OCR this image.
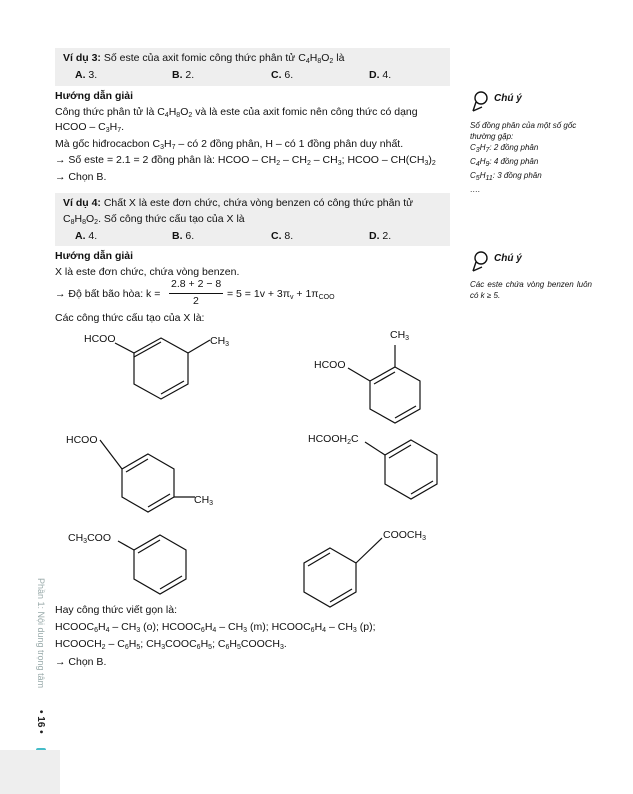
Ví dụ 3: Số este của axit fomic công thức phân tử $C_4H_8O_2$ là
A. 3.	B. 2.	C. 6.	D. 4.
Hướng dẫn giải
Công thức phân tử là $C_4H_8O_2$ và là este của axit fomic nên công thức có dạng
HCOO – $C_3H_7$.
Mà gốc hiđrocacbon $C_3H_7$ – có 2 đồng phân, H – có 1 đồng phân duy nhất.
→ Số este = 2.1 = 2 đồng phân là: HCOO – $CH_2 - CH_2 - CH_3$; HCOO – $CH(CH_3)_2$
→ Chọn B.
Ví dụ 4: Chất X là este đơn chức, chứa vòng benzen có công thức phân tử
$C_8H_8O_2$. Số công thức cấu tạo của X là
A. 4.	B. 6.	C. 8.	D. 2.
Hướng dẫn giải
X là este đơn chức, chứa vòng benzen.
→ Độ bất bão hòa: k =
2.8 + 2 − 8
2
= $5 = 1v + 3\pi_v + 1\pi_{COO}$
Các công thức cấu tạo của X là:
HCOO	CH3
HCOO
CH3
HCOO
CH3
HCOOH2C
CH3COO	COOCH3
Hay công thức viết gọn là:
$HCOOC_6H_4 - CH_3$ (o); $HCOOC_6H_4 - CH_3$ (m); $HCOOC_6H_4 - CH_3$ (p);
$HCOOCH_2 - C_6H_5$; $CH_3COOC_6H_5$; $C_6H_5COOCH_3$.
→ Chọn B.
Chú ý
Số đồng phân của một số gốc thường gặp:
$C_3H_7$: 2 đồng phân
$C_4H_9$: 4 đồng phân
$C_5H_{11}$: 3 đồng phân
….
Chú ý
Các este chứa vòng benzen luôn có k ≥ 5.
Phần 1: Nội dung trọng tâm
• 16 •
